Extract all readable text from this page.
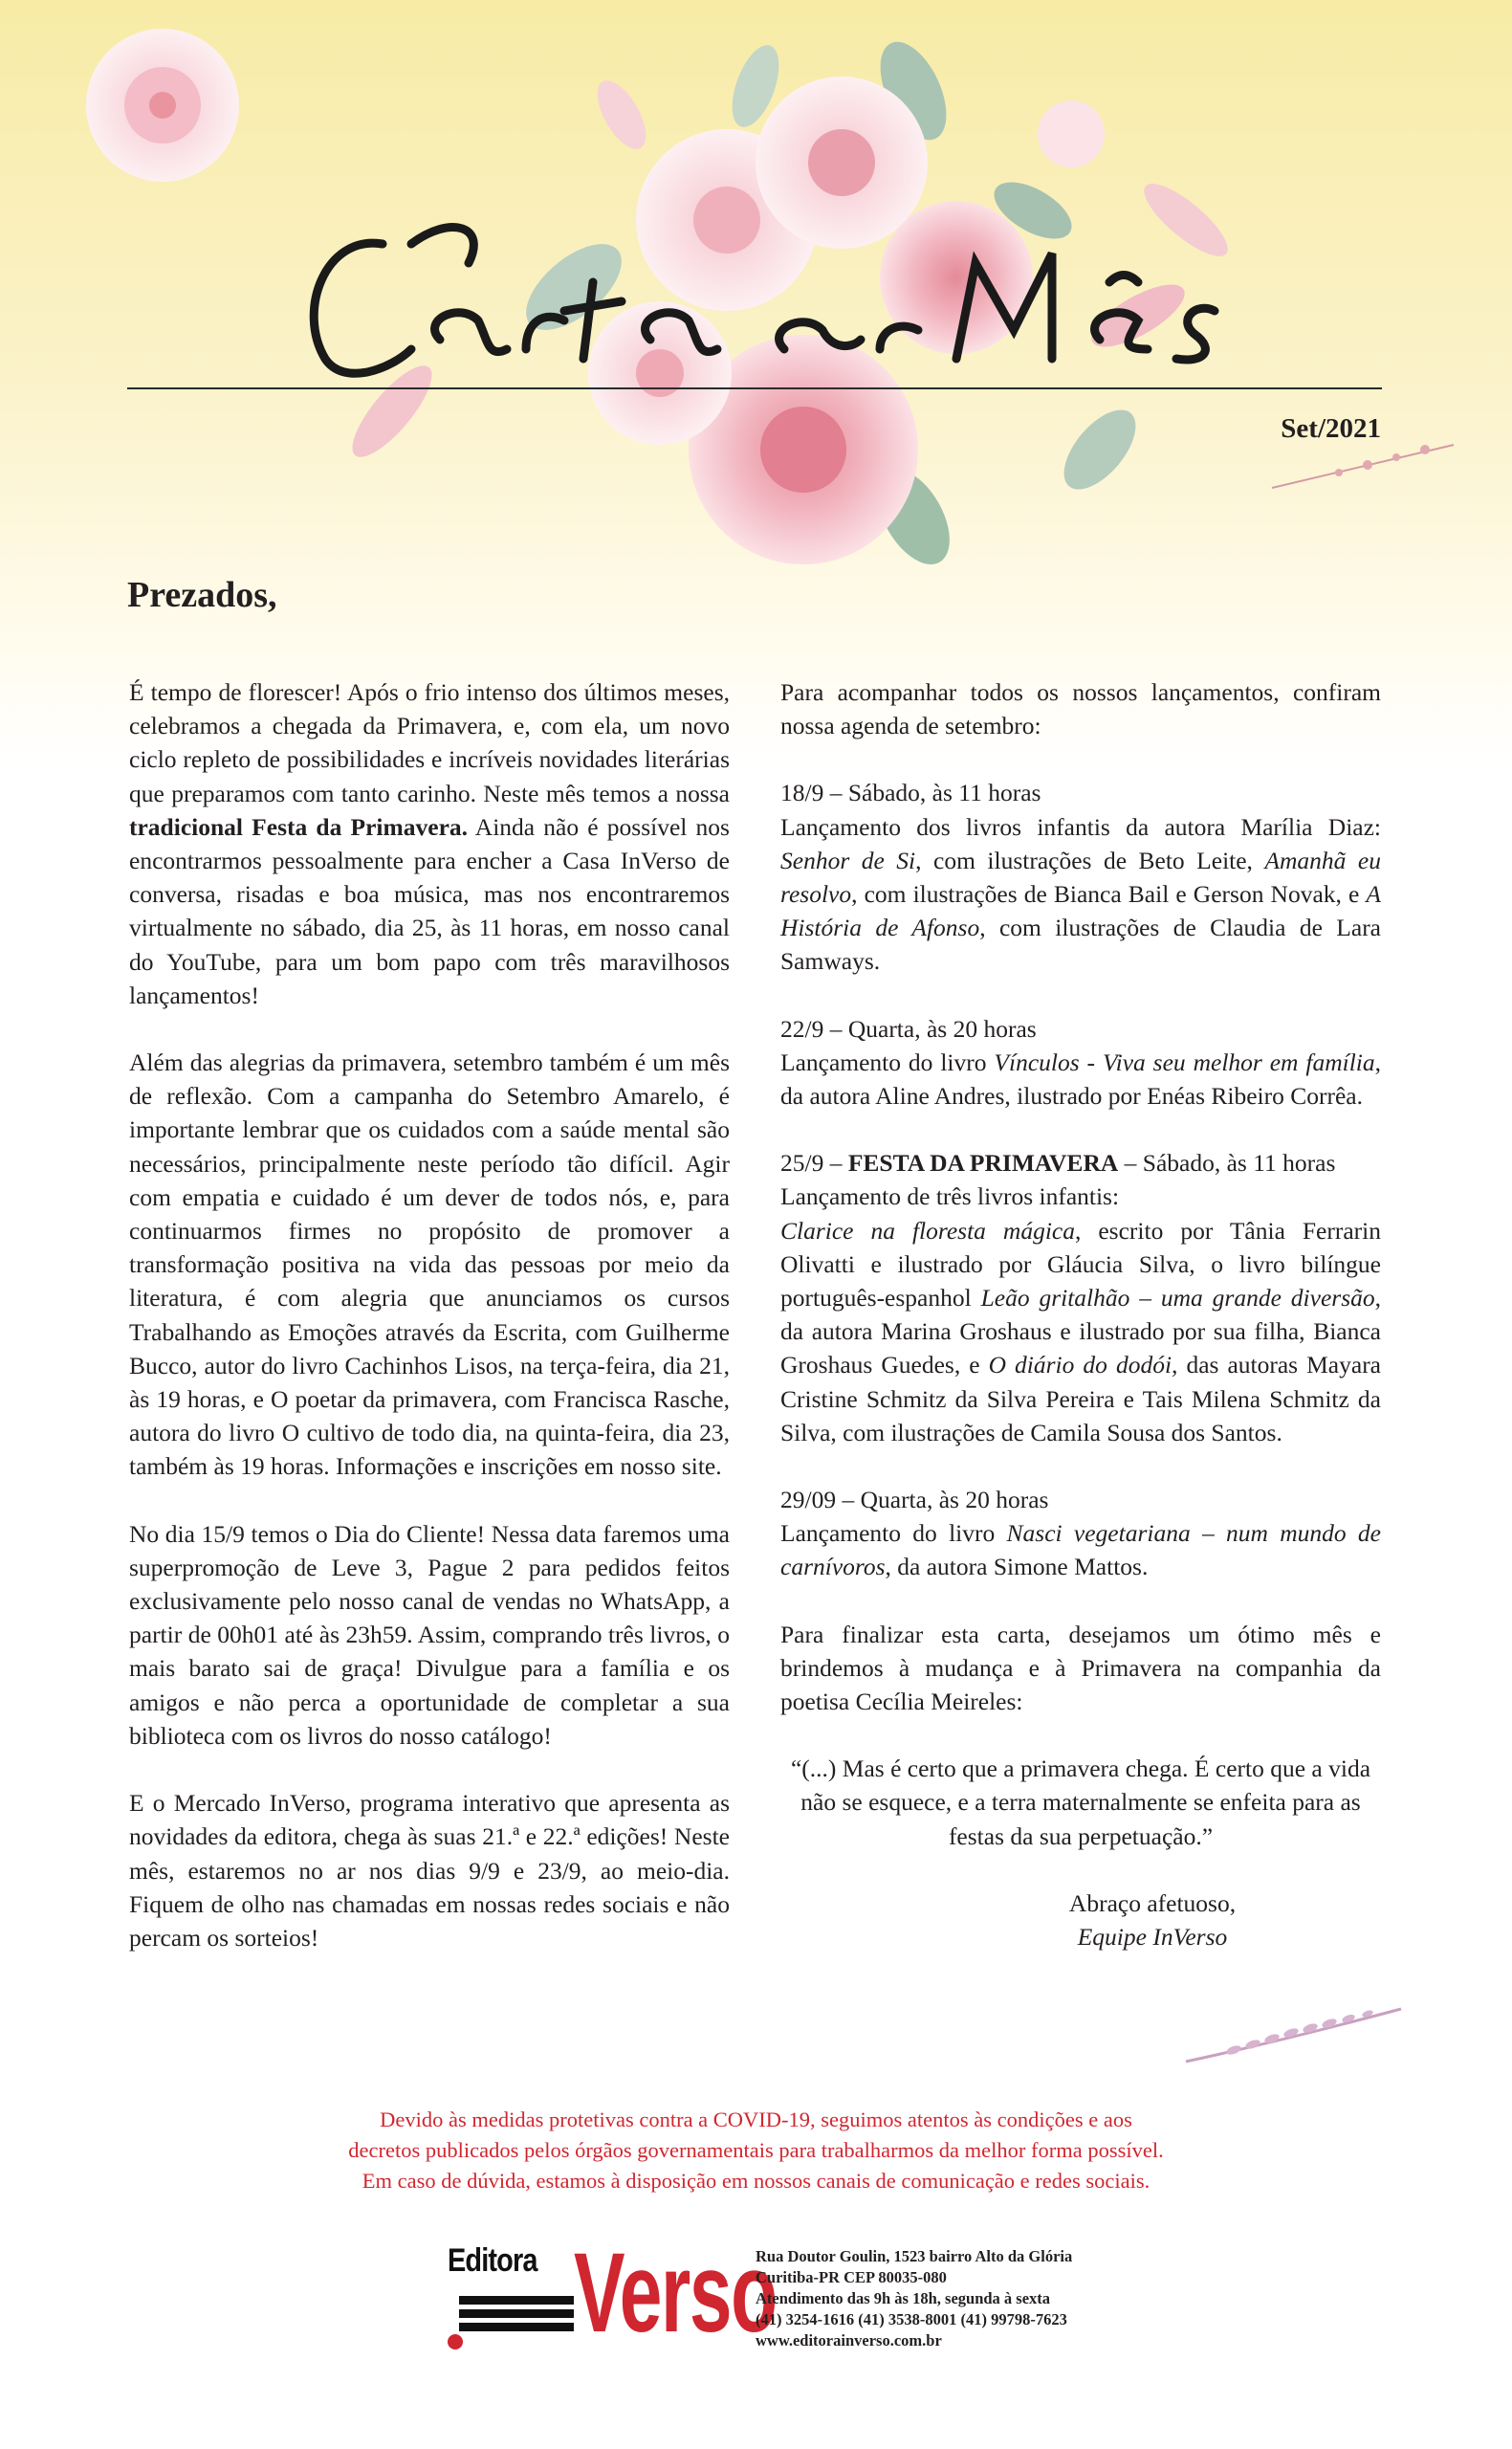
Set/2021
Prezados,

É tempo de florescer! Após o frio intenso dos últimos meses, celebramos a chegada da Primavera, e, com ela, um novo ciclo repleto de possibilidades e incríveis novidades literárias que preparamos com tanto carinho. Neste mês temos a nossa tradicional Festa da Primavera. Ainda não é possível nos encontrarmos pessoalmente para encher a Casa InVerso de conversa, risadas e boa música, mas nos encontraremos virtualmente no sábado, dia 25, às 11 horas, em nosso canal do YouTube, para um bom papo com três maravilhosos lançamentos!

Além das alegrias da primavera, setembro também é um mês de reflexão. Com a campanha do Setembro Amarelo, é importante lembrar que os cuidados com a saúde mental são necessários, principalmente neste período tão difícil. Agir com empatia e cuidado é um dever de todos nós, e, para continuarmos firmes no propósito de promover a transformação positiva na vida das pessoas por meio da literatura, é com alegria que anunciamos os cursos Trabalhando as Emoções através da Escrita, com Guilherme Bucco, autor do livro Cachinhos Lisos, na terça-feira, dia 21, às 19 horas, e O poetar da primavera, com Francisca Rasche, autora do livro O cultivo de todo dia, na quinta-feira, dia 23, também às 19 horas. Informações e inscrições em nosso site.

No dia 15/9 temos o Dia do Cliente! Nessa data faremos uma superpromoção de Leve 3, Pague 2 para pedidos feitos exclusivamente pelo nosso canal de vendas no WhatsApp, a partir de 00h01 até às 23h59. Assim, comprando três livros, o mais barato sai de graça! Divulgue para a família e os amigos e não perca a oportunidade de completar a sua biblioteca com os livros do nosso catálogo!

E o Mercado InVerso, programa interativo que apresenta as novidades da editora, chega às suas 21.ª e 22.ª edições! Neste mês, estaremos no ar nos dias 9/9 e 23/9, ao meio-dia. Fiquem de olho nas chamadas em nossas redes sociais e não percam os sorteios!

Para acompanhar todos os nossos lançamentos, confiram nossa agenda de setembro:

18/9 – Sábado, às 11 horas

Lançamento dos livros infantis da autora Marília Diaz: Senhor de Si, com ilustrações de Beto Leite, Amanhã eu resolvo, com ilustrações de Bianca Bail e Gerson Novak, e A História de Afonso, com ilustrações de Claudia de Lara Samways.

22/9 – Quarta, às 20 horas

Lançamento do livro Vínculos - Viva seu melhor em família, da autora Aline Andres, ilustrado por Enéas Ribeiro Corrêa.

25/9 – FESTA DA PRIMAVERA – Sábado, às 11 horas

Lançamento de três livros infantis:

Clarice na floresta mágica, escrito por Tânia Ferrarin Olivatti e ilustrado por Gláucia Silva, o livro bilíngue português-espanhol Leão gritalhão – uma grande diversão, da autora Marina Groshaus e ilustrado por sua filha, Bianca Groshaus Guedes, e O diário do dodói, das autoras Mayara Cristine Schmitz da Silva Pereira e Tais Milena Schmitz da Silva, com ilustrações de Camila Sousa dos Santos.

29/09 – Quarta, às 20 horas

Lançamento do livro Nasci vegetariana – num mundo de carnívoros, da autora Simone Mattos.

Para finalizar esta carta, desejamos um ótimo mês e brindemos à mudança e à Primavera na companhia da poetisa Cecília Meireles:

“(...) Mas é certo que a primavera chega. É certo que a vida não se esquece, e a terra maternalmente se enfeita para as festas da sua perpetuação.”

Abraço afetuoso,

Equipe InVerso

Devido às medidas protetivas contra a COVID-19, seguimos atentos às condições e aos
decretos publicados pelos órgãos governamentais para trabalharmos da melhor forma possível.
Em caso de dúvida, estamos à disposição em nossos canais de comunicação e redes sociais.
Editora Verso
Rua Doutor Goulin, 1523 bairro Alto da Glória
Curitiba-PR CEP 80035-080
Atendimento das 9h às 18h, segunda à sexta
(41) 3254-1616 (41) 3538-8001 (41) 99798-7623
www.editorainverso.com.br
